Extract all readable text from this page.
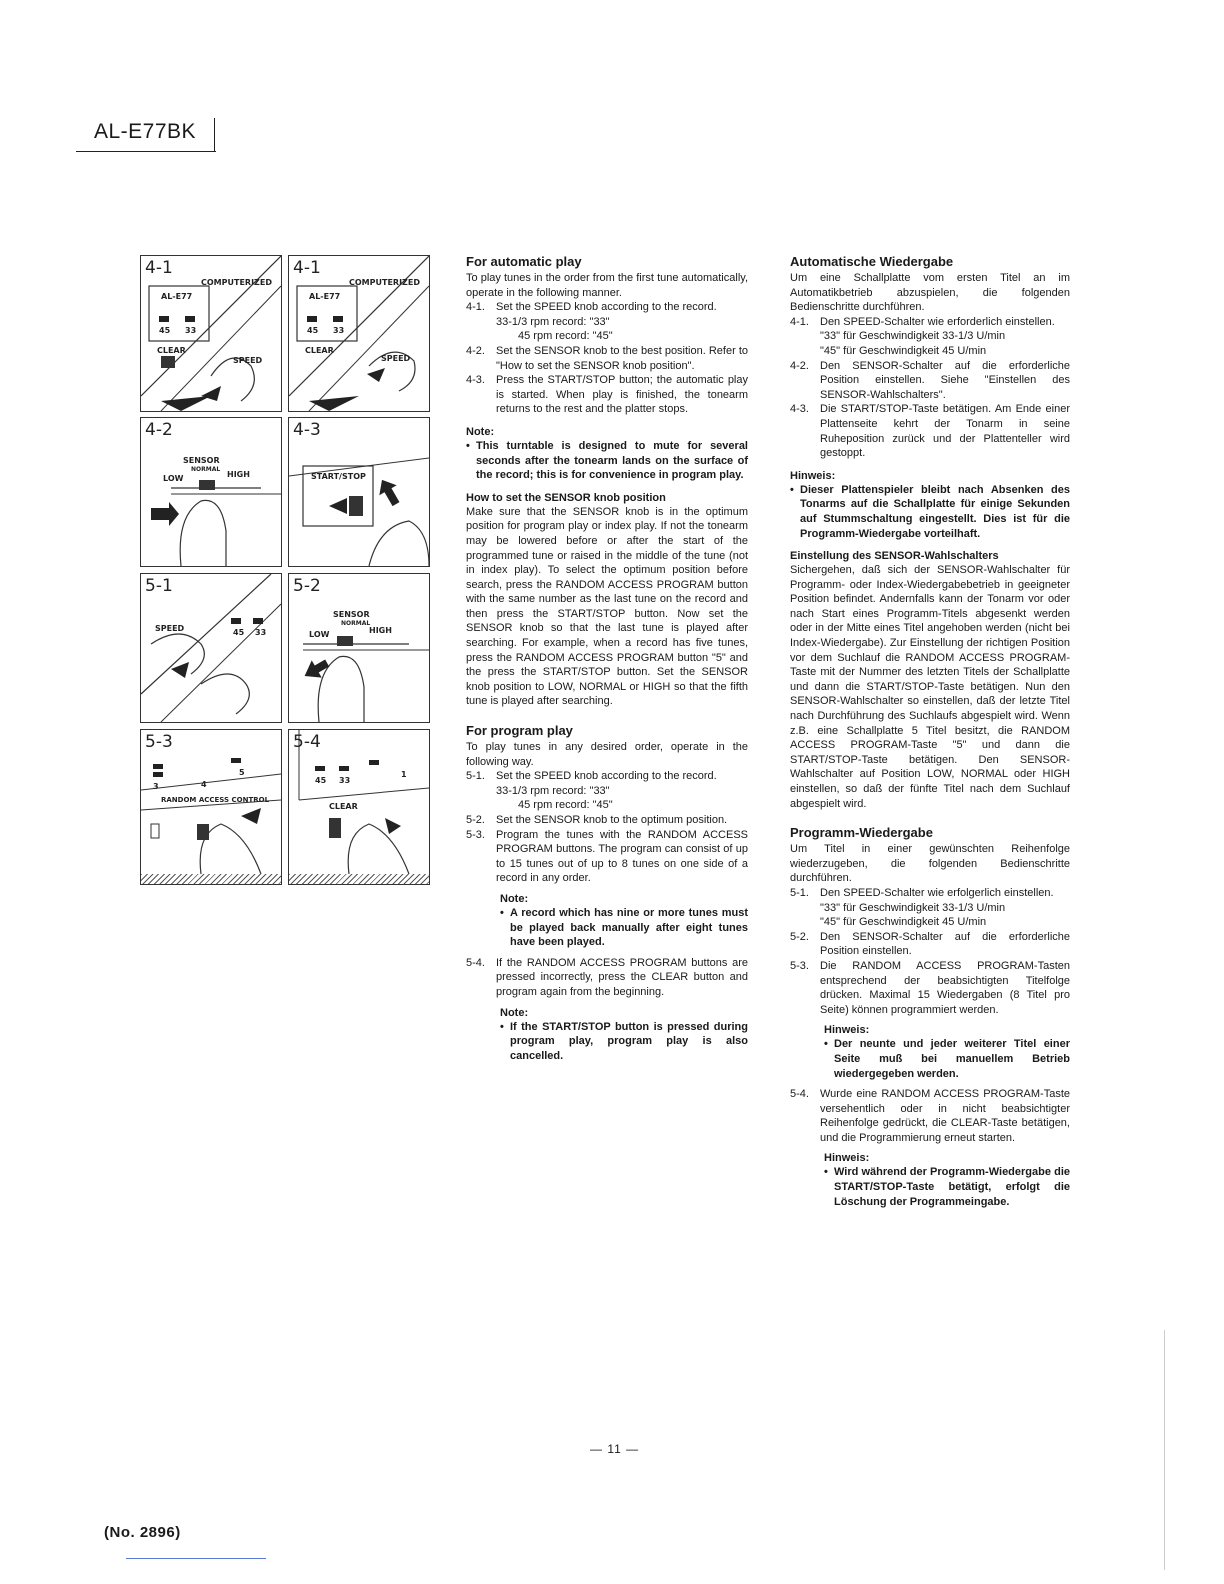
AL-E77BK
4-1
AL-E77
COMPUTERIZED
45 33
CLEAR
SPEED
4-1
AL-E77
COMPUTERIZED
45 33
CLEAR
SPEED
4-2
SENSOR
NORMAL
LOW	HIGH
4-3
START/STOP
5-1
SPEED	45 33
5-2
SENSOR
NORMAL
LOW	HIGH
5-3
3
5
4
RANDOM ACCESS CONTROL
5-4
45 33
1
CLEAR
For automatic play

To play tunes in the order from the first tune automatically, operate in the following manner.

4-1.	Set the SPEED knob according to the record.
33-1/3 rpm record: "33"
45 rpm record: "45"
4-2.	Set the SENSOR knob to the best position. Refer to "How to set the SENSOR knob position".
4-3.	Press the START/STOP button; the automatic play is started. When play is finished, the tonearm returns to the rest and the platter stops.
Note:
• This turntable is designed to mute for several seconds after the tonearm lands on the surface of the record; this is for convenience in program play.
How to set the SENSOR knob position

Make sure that the SENSOR knob is in the optimum position for program play or index play. If not the tonearm may be lowered before or after the start of the programmed tune or raised in the middle of the tune (not in index play). To select the optimum position before search, press the RANDOM ACCESS PROGRAM button with the same number as the last tune on the record and then press the START/STOP button. Now set the SENSOR knob so that the last tune is played after searching. For example, when a record has five tunes, press the RANDOM ACCESS PROGRAM button "5" and the press the START/STOP button. Set the SENSOR knob position to LOW, NORMAL or HIGH so that the fifth tune is played after searching.

For program play

To play tunes in any desired order, operate in the following way.

5-1.	Set the SPEED knob according to the record.
33-1/3 rpm record: "33"
45 rpm record: "45"
5-2.	Set the SENSOR knob to the optimum position.
5-3.	Program the tunes with the RANDOM ACCESS PROGRAM buttons. The program can consist of up to 15 tunes out of up to 8 tunes on one side of a record in any order.
Note:
• A record which has nine or more tunes must be played back manually after eight tunes have been played.
5-4.	If the RANDOM ACCESS PROGRAM buttons are pressed incorrectly, press the CLEAR button and program again from the beginning.
Note:
• If the START/STOP button is pressed during program play, program play is also cancelled.
Automatische Wiedergabe

Um eine Schallplatte vom ersten Titel an im Automatikbetrieb abzuspielen, die folgenden Bedienschritte durchführen.

4-1.	Den SPEED-Schalter wie erforderlich einstellen.
"33" für Geschwindigkeit 33-1/3 U/min
"45" für Geschwindigkeit 45 U/min
4-2.	Den SENSOR-Schalter auf die erforderliche Position einstellen. Siehe "Einstellen des SENSOR-Wahlschalters".
4-3.	Die START/STOP-Taste betätigen. Am Ende einer Plattenseite kehrt der Tonarm in seine Ruheposition zurück und der Plattenteller wird gestoppt.
Hinweis:
• Dieser Plattenspieler bleibt nach Absenken des Tonarms auf die Schallplatte für einige Sekunden auf Stummschaltung eingestellt. Dies ist für die Programm-Wiedergabe vorteilhaft.
Einstellung des SENSOR-Wahlschalters

Sichergehen, daß sich der SENSOR-Wahlschalter für Programm- oder Index-Wiedergabebetrieb in geeigneter Position befindet. Andernfalls kann der Tonarm vor oder nach Start eines Programm-Titels abgesenkt werden oder in der Mitte eines Titel angehoben werden (nicht bei Index-Wiedergabe). Zur Einstellung der richtigen Position vor dem Suchlauf die RANDOM ACCESS PROGRAM-Taste mit der Nummer des letzten Titels der Schallplatte und dann die START/STOP-Taste betätigen. Nun den SENSOR-Wahlschalter so einstellen, daß der letzte Titel nach Durchführung des Suchlaufs abgespielt wird. Wenn z.B. eine Schallplatte 5 Titel besitzt, die RANDOM ACCESS PROGRAM-Taste "5" und dann die START/STOP-Taste betätigen. Den SENSOR-Wahlschalter auf Position LOW, NORMAL oder HIGH einstellen, so daß der fünfte Titel nach dem Suchlauf abgespielt wird.

Programm-Wiedergabe

Um Titel in einer gewünschten Reihenfolge wiederzugeben, die folgenden Bedienschritte durchführen.

5-1.	Den SPEED-Schalter wie erfolgerlich einstellen.
"33" für Geschwindigkeit 33-1/3 U/min
"45" für Geschwindigkeit 45 U/min
5-2.	Den SENSOR-Schalter auf die erforderliche Position einstellen.
5-3.	Die RANDOM ACCESS PROGRAM-Tasten entsprechend der beabsichtigten Titelfolge drücken. Maximal 15 Wiedergaben (8 Titel pro Seite) können programmiert werden.
Hinweis:
• Der neunte und jeder weiterer Titel einer Seite muß bei manuellem Betrieb wiedergegeben werden.
5-4.	Wurde eine RANDOM ACCESS PROGRAM-Taste versehentlich oder in nicht beabsichtigter Reihenfolge gedrückt, die CLEAR-Taste betätigen, und die Programmierung erneut starten.
Hinweis:
• Wird während der Programm-Wiedergabe die START/STOP-Taste betätigt, erfolgt die Löschung der Programmeingabe.
— 11 —
(No. 2896)
